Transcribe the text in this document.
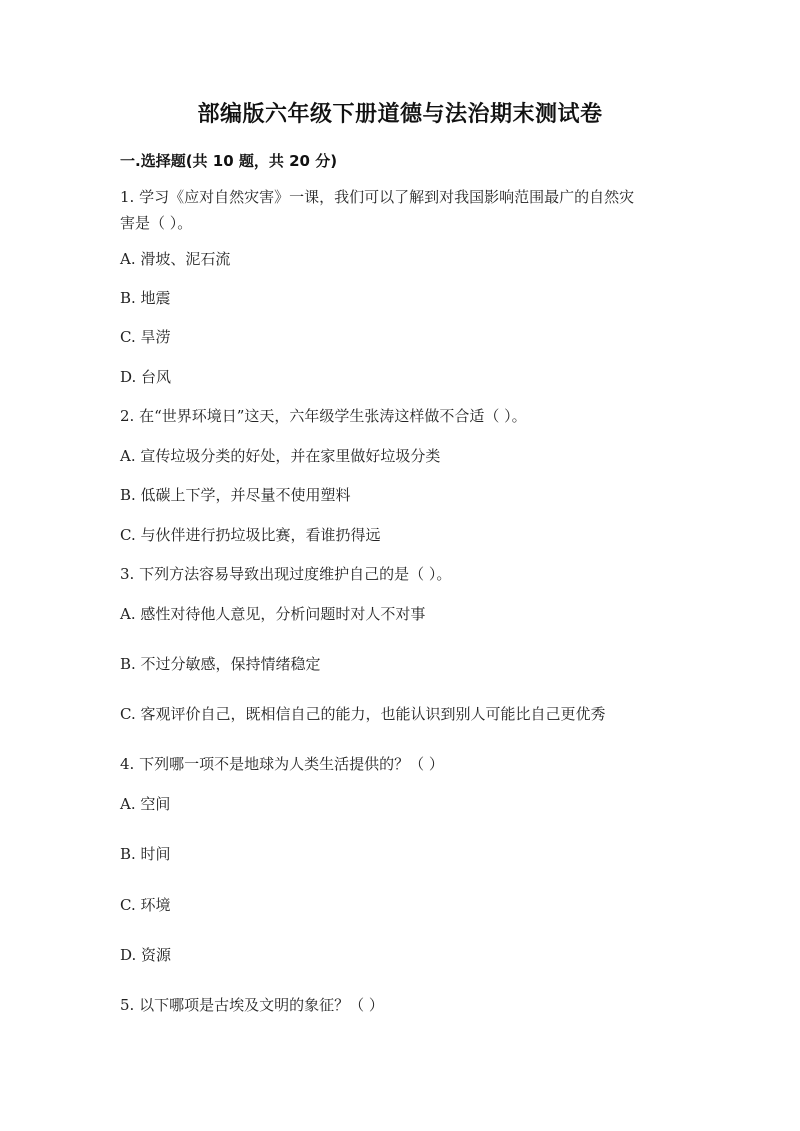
部编版六年级下册道德与法治期末测试卷
一.选择题(共 10 题，共 20 分)
1. 学习《应对自然灾害》一课，我们可以了解到对我国影响范围最广的自然灾
害是（ ）。
A. 滑坡、泥石流
B. 地震
C. 旱涝
D. 台风
2. 在“世界环境日”这天，六年级学生张涛这样做不合适（ ）。
A. 宣传垃圾分类的好处，并在家里做好垃圾分类
B. 低碳上下学，并尽量不使用塑料
C. 与伙伴进行扔垃圾比赛，看谁扔得远
3. 下列方法容易导致出现过度维护自己的是（ ）。
A. 感性对待他人意见，分析问题时对人不对事
B. 不过分敏感，保持情绪稳定
C. 客观评价自己，既相信自己的能力，也能认识到别人可能比自己更优秀
4. 下列哪一项不是地球为人类生活提供的？（ ）
A. 空间
B. 时间
C. 环境
D. 资源
5. 以下哪项是古埃及文明的象征？（ ）
